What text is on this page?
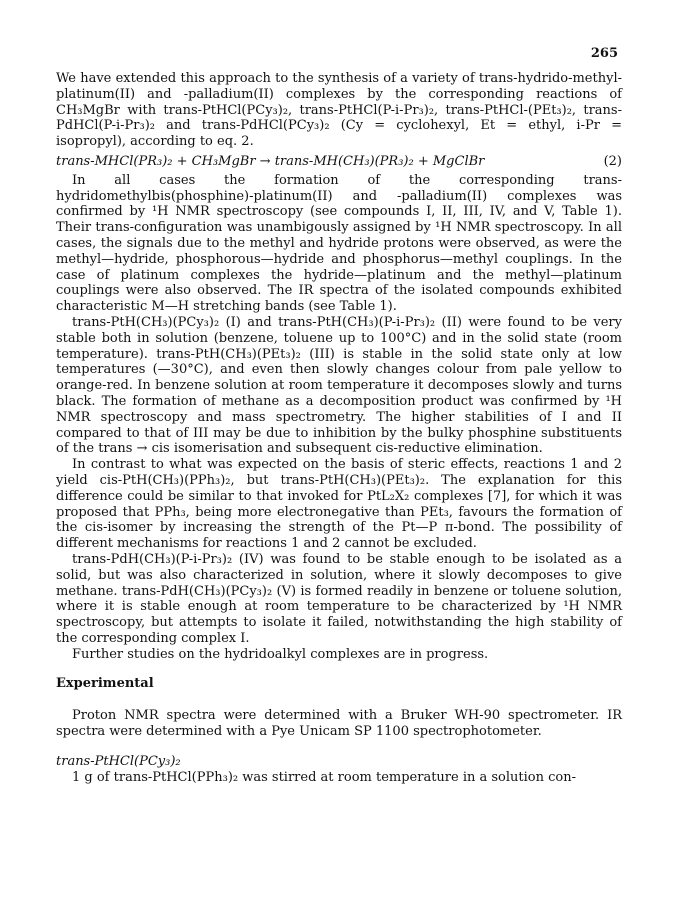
265

We have extended this approach to the synthesis of a variety of trans-hydrido-methyl-platinum(II) and -palladium(II) complexes by the corresponding reactions of CH₃MgBr with trans-PtHCl(PCy₃)₂, trans-PtHCl(P-i-Pr₃)₂, trans-PtHCl-(PEt₃)₂, trans-PdHCl(P-i-Pr₃)₂ and trans-PdHCl(PCy₃)₂ (Cy = cyclohexyl, Et = ethyl, i-Pr = isopropyl), according to eq. 2.

trans-MHCl(PR₃)₂ + CH₃MgBr → trans-MH(CH₃)(PR₃)₂ + MgClBr	(2)

In all cases the formation of the corresponding trans-hydridomethylbis(phosphine)-platinum(II) and -palladium(II) complexes was confirmed by ¹H NMR spectroscopy (see compounds I, II, III, IV, and V, Table 1). Their trans-configuration was unambigously assigned by ¹H NMR spectroscopy. In all cases, the signals due to the methyl and hydride protons were observed, as were the methyl—hydride, phosphorous—hydride and phosphorus—methyl couplings. In the case of platinum complexes the hydride—platinum and the methyl—platinum couplings were also observed. The IR spectra of the isolated compounds exhibited characteristic M—H stretching bands (see Table 1).

trans-PtH(CH₃)(PCy₃)₂ (I) and trans-PtH(CH₃)(P-i-Pr₃)₂ (II) were found to be very stable both in solution (benzene, toluene up to 100°C) and in the solid state (room temperature). trans-PtH(CH₃)(PEt₃)₂ (III) is stable in the solid state only at low temperatures (—30°C), and even then slowly changes colour from pale yellow to orange-red. In benzene solution at room temperature it decomposes slowly and turns black. The formation of methane as a decomposition product was confirmed by ¹H NMR spectroscopy and mass spectrometry. The higher stabilities of I and II compared to that of III may be due to inhibition by the bulky phosphine substituents of the trans → cis isomerisation and subsequent cis-reductive elimination.

In contrast to what was expected on the basis of steric effects, reactions 1 and 2 yield cis-PtH(CH₃)(PPh₃)₂, but trans-PtH(CH₃)(PEt₃)₂. The explanation for this difference could be similar to that invoked for PtL₂X₂ complexes [7], for which it was proposed that PPh₃, being more electronegative than PEt₃, favours the formation of the cis-isomer by increasing the strength of the Pt—P π-bond. The possibility of different mechanisms for reactions 1 and 2 cannot be excluded.

trans-PdH(CH₃)(P-i-Pr₃)₂ (IV) was found to be stable enough to be isolated as a solid, but was also characterized in solution, where it slowly decomposes to give methane. trans-PdH(CH₃)(PCy₃)₂ (V) is formed readily in benzene or toluene solution, where it is stable enough at room temperature to be characterized by ¹H NMR spectroscopy, but attempts to isolate it failed, notwithstanding the high stability of the corresponding complex I.

Further studies on the hydridoalkyl complexes are in progress.

Experimental

Proton NMR spectra were determined with a Bruker WH-90 spectrometer. IR spectra were determined with a Pye Unicam SP 1100 spectrophotometer.

trans-PtHCl(PCy₃)₂

1 g of trans-PtHCl(PPh₃)₂ was stirred at room temperature in a solution con-
